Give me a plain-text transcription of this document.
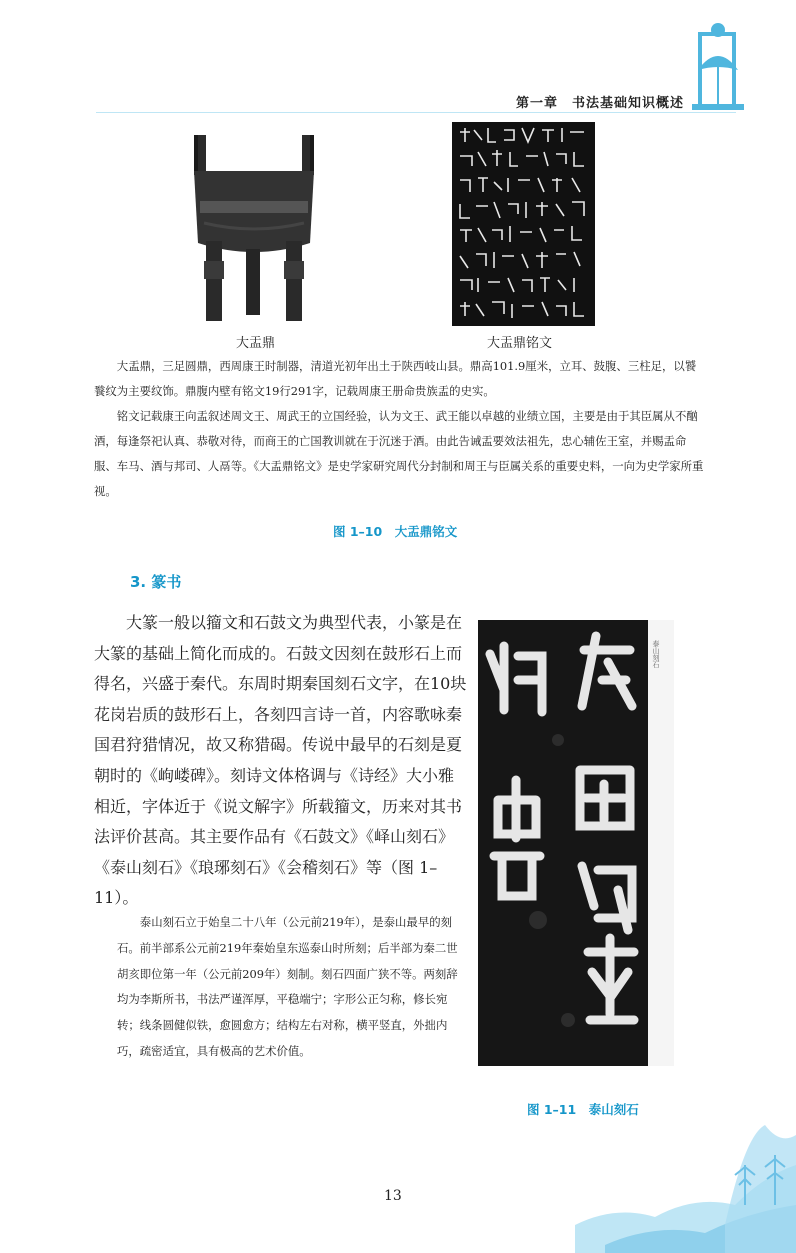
第一章　书法基础知识概述
大盂鼎	大盂鼎铭文

大盂鼎，三足圆鼎，西周康王时制器，清道光初年出土于陕西岐山县。鼎高101.9厘米，立耳、鼓腹、三柱足，以饕餮纹为主要纹饰。鼎腹内壁有铭文19行291字，记载周康王册命贵族盂的史实。

铭文记载康王向盂叙述周文王、周武王的立国经验，认为文王、武王能以卓越的业绩立国，主要是由于其臣属从不酗酒，每逢祭祀认真、恭敬对待，而商王的亡国教训就在于沉迷于酒。由此告诫盂要效法祖先，忠心辅佐王室，并赐盂命服、车马、酒与邦司、人鬲等。《大盂鼎铭文》是史学家研究周代分封制和周王与臣属关系的重要史料，一向为史学家所重视。

图 1–10　大盂鼎铭文
3. 篆书
大篆一般以籀文和石鼓文为典型代表，小篆是在大篆的基础上简化而成的。石鼓文因刻在鼓形石上而得名，兴盛于秦代。东周时期秦国刻石文字，在10块花岗岩质的鼓形石上，各刻四言诗一首，内容歌咏秦国君狩猎情况，故又称猎碣。传说中最早的石刻是夏朝时的《岣嵝碑》。刻诗文体格调与《诗经》大小雅相近，字体近于《说文解字》所载籀文，历来对其书法评价甚高。其主要作品有《石鼓文》《峄山刻石》《泰山刻石》《琅琊刻石》《会稽刻石》等（图 1–11）。
泰山刻石立于始皇二十八年（公元前219年），是泰山最早的刻石。前半部系公元前219年秦始皇东巡泰山时所刻；后半部为秦二世胡亥即位第一年（公元前209年）刻制。刻石四面广狭不等。两刻辞均为李斯所书，书法严谨浑厚，平稳端宁；字形公正匀称，修长宛转；线条圆健似铁，愈圆愈方；结构左右对称，横平竖直，外拙内巧，疏密适宜，具有极高的艺术价值。
泰山刻石
图 1–11　泰山刻石
13
